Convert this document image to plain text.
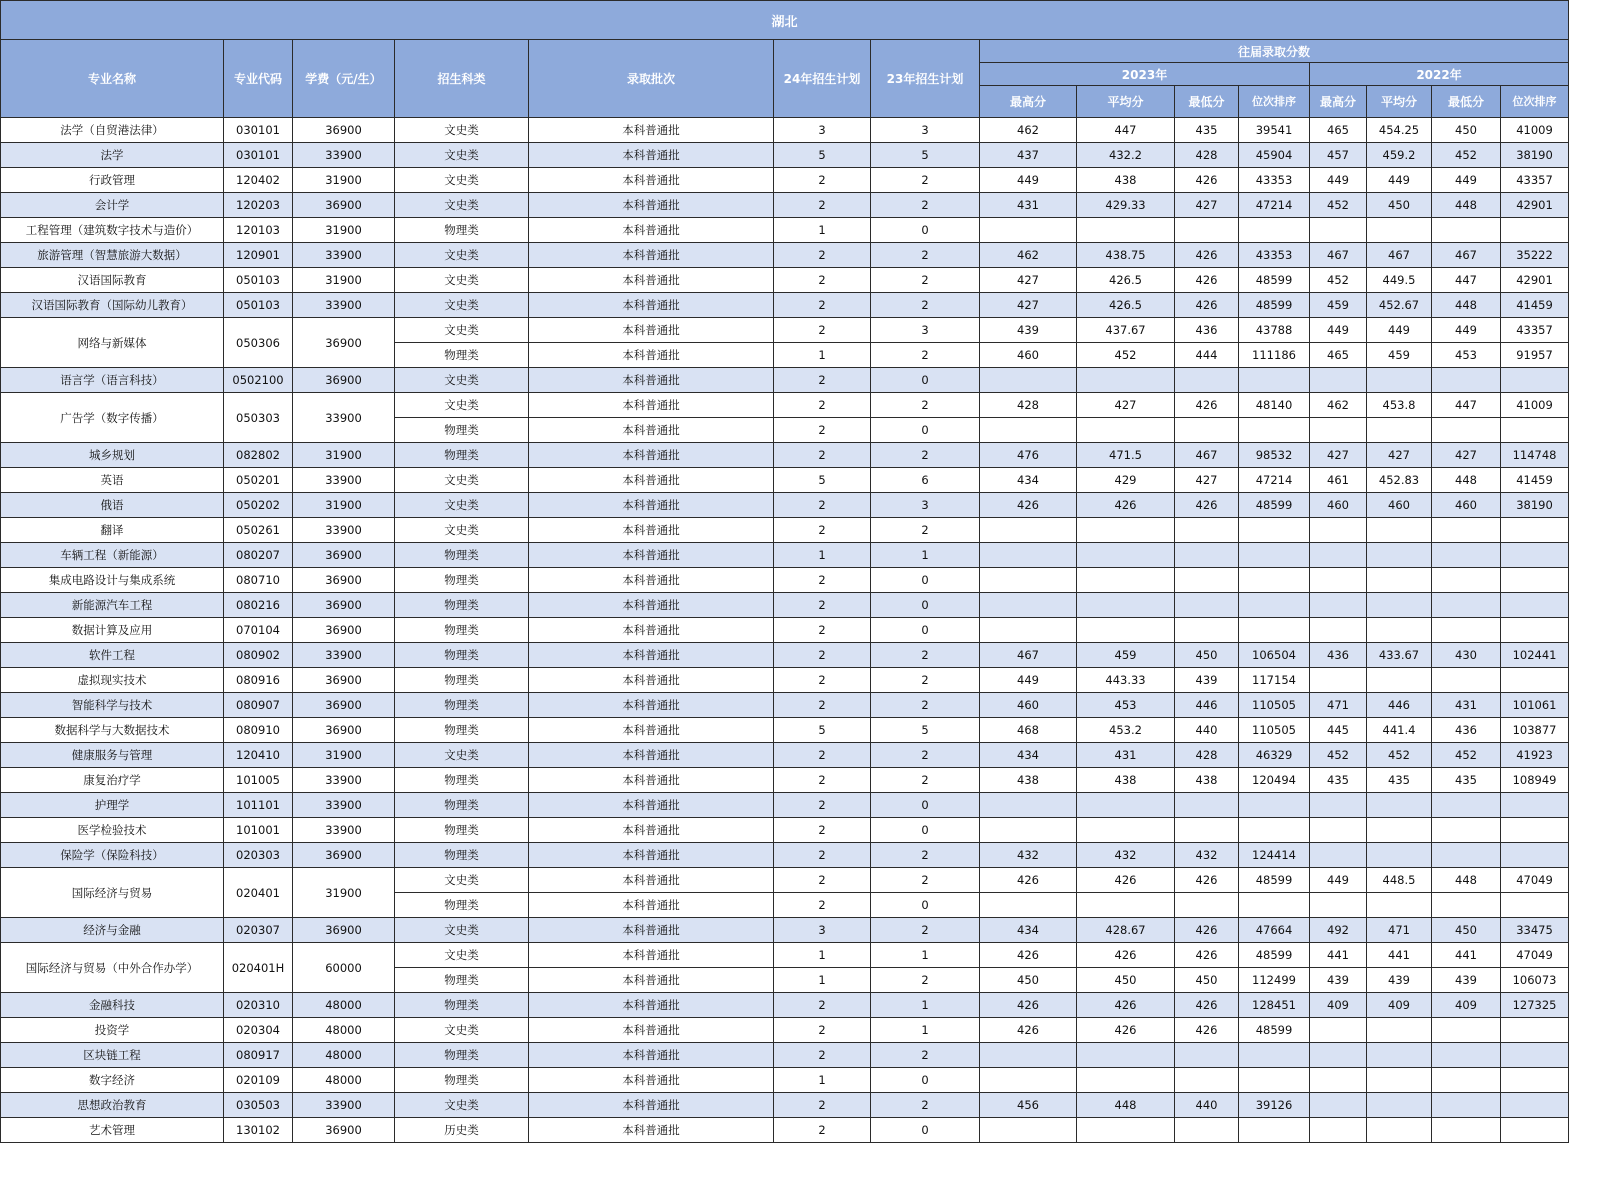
湖北														
专业名称	专业代码	学费（元/生）	招生科类	录取批次	24年招生计划	23年招生计划	往届录取分数							
							2023年				2022年			
							最高分	平均分	最低分	位次排序	最高分	平均分	最低分	位次排序
法学（自贸港法律）	030101	36900	文史类	本科普通批	3	3	462	447	435	39541	465	454.25	450	41009
法学	030101	33900	文史类	本科普通批	5	5	437	432.2	428	45904	457	459.2	452	38190
行政管理	120402	31900	文史类	本科普通批	2	2	449	438	426	43353	449	449	449	43357
会计学	120203	36900	文史类	本科普通批	2	2	431	429.33	427	47214	452	450	448	42901
工程管理（建筑数字技术与造价）	120103	31900	物理类	本科普通批	1	0								
旅游管理（智慧旅游大数据）	120901	33900	文史类	本科普通批	2	2	462	438.75	426	43353	467	467	467	35222
汉语国际教育	050103	31900	文史类	本科普通批	2	2	427	426.5	426	48599	452	449.5	447	42901
汉语国际教育（国际幼儿教育）	050103	33900	文史类	本科普通批	2	2	427	426.5	426	48599	459	452.67	448	41459
网络与新媒体	050306	36900	文史类	本科普通批	2	3	439	437.67	436	43788	449	449	449	43357
			物理类	本科普通批	1	2	460	452	444	111186	465	459	453	91957
语言学（语言科技）	0502100	36900	文史类	本科普通批	2	0								
广告学（数字传播）	050303	33900	文史类	本科普通批	2	2	428	427	426	48140	462	453.8	447	41009
			物理类	本科普通批	2	0								
城乡规划	082802	31900	物理类	本科普通批	2	2	476	471.5	467	98532	427	427	427	114748
英语	050201	33900	文史类	本科普通批	5	6	434	429	427	47214	461	452.83	448	41459
俄语	050202	31900	文史类	本科普通批	2	3	426	426	426	48599	460	460	460	38190
翻译	050261	33900	文史类	本科普通批	2	2								
车辆工程（新能源）	080207	36900	物理类	本科普通批	1	1								
集成电路设计与集成系统	080710	36900	物理类	本科普通批	2	0								
新能源汽车工程	080216	36900	物理类	本科普通批	2	0								
数据计算及应用	070104	36900	物理类	本科普通批	2	0								
软件工程	080902	33900	物理类	本科普通批	2	2	467	459	450	106504	436	433.67	430	102441
虚拟现实技术	080916	36900	物理类	本科普通批	2	2	449	443.33	439	117154				
智能科学与技术	080907	36900	物理类	本科普通批	2	2	460	453	446	110505	471	446	431	101061
数据科学与大数据技术	080910	36900	物理类	本科普通批	5	5	468	453.2	440	110505	445	441.4	436	103877
健康服务与管理	120410	31900	文史类	本科普通批	2	2	434	431	428	46329	452	452	452	41923
康复治疗学	101005	33900	物理类	本科普通批	2	2	438	438	438	120494	435	435	435	108949
护理学	101101	33900	物理类	本科普通批	2	0								
医学检验技术	101001	33900	物理类	本科普通批	2	0								
保险学（保险科技）	020303	36900	物理类	本科普通批	2	2	432	432	432	124414				
国际经济与贸易	020401	31900	文史类	本科普通批	2	2	426	426	426	48599	449	448.5	448	47049
			物理类	本科普通批	2	0								
经济与金融	020307	36900	文史类	本科普通批	3	2	434	428.67	426	47664	492	471	450	33475
国际经济与贸易（中外合作办学）	020401H	60000	文史类	本科普通批	1	1	426	426	426	48599	441	441	441	47049
			物理类	本科普通批	1	2	450	450	450	112499	439	439	439	106073
金融科技	020310	48000	物理类	本科普通批	2	1	426	426	426	128451	409	409	409	127325
投资学	020304	48000	文史类	本科普通批	2	1	426	426	426	48599				
区块链工程	080917	48000	物理类	本科普通批	2	2								
数字经济	020109	48000	物理类	本科普通批	1	0								
思想政治教育	030503	33900	文史类	本科普通批	2	2	456	448	440	39126				
艺术管理	130102	36900	历史类	本科普通批	2	0								
